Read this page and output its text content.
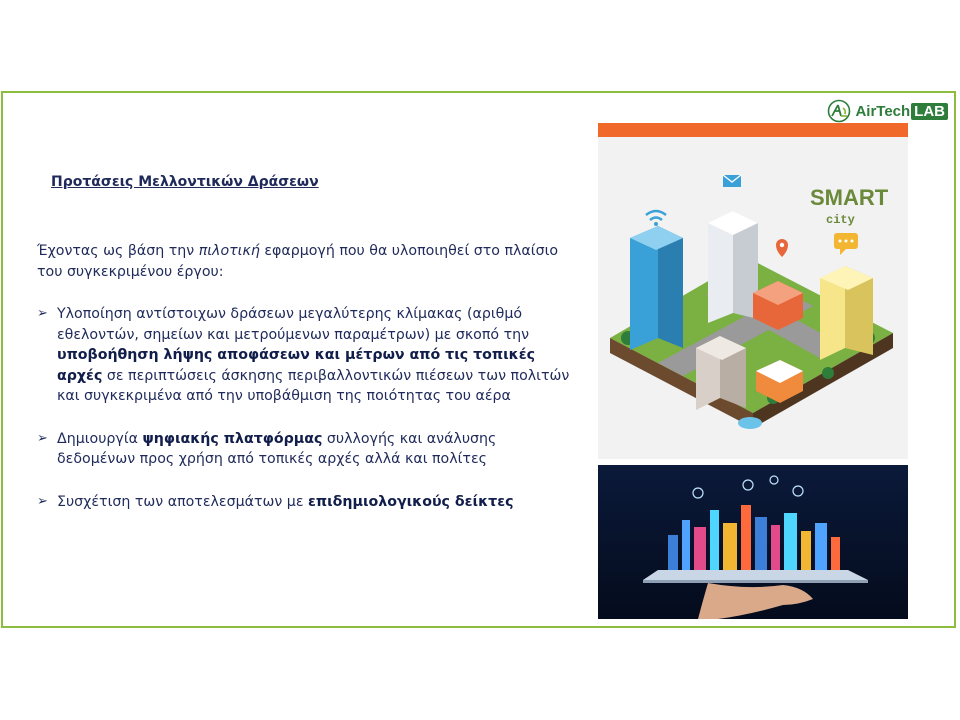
AirTech LAB
Προτάσεις Μελλοντικών Δράσεων

Έχοντας ως βάση την πιλοτική εφαρμογή που θα υλοποιηθεί στο πλαίσιο του συγκεκριμένου έργου:

➢ Υλοποίηση αντίστοιχων δράσεων μεγαλύτερης κλίμακας (αριθμό εθελοντών, σημείων και μετρούμενων παραμέτρων) με σκοπό την υποβοήθηση λήψης αποφάσεων και μέτρων από τις τοπικές αρχές σε περιπτώσεις άσκησης περιβαλλοντικών πιέσεων των πολιτών και συγκεκριμένα από την υποβάθμιση της ποιότητας του αέρα
➢ Δημιουργία ψηφιακής πλατφόρμας συλλογής και ανάλυσης δεδομένων προς χρήση από τοπικές αρχές αλλά και πολίτες
➢ Συσχέτιση των αποτελεσμάτων με επιδημιολογικούς δείκτες
SMART
city
